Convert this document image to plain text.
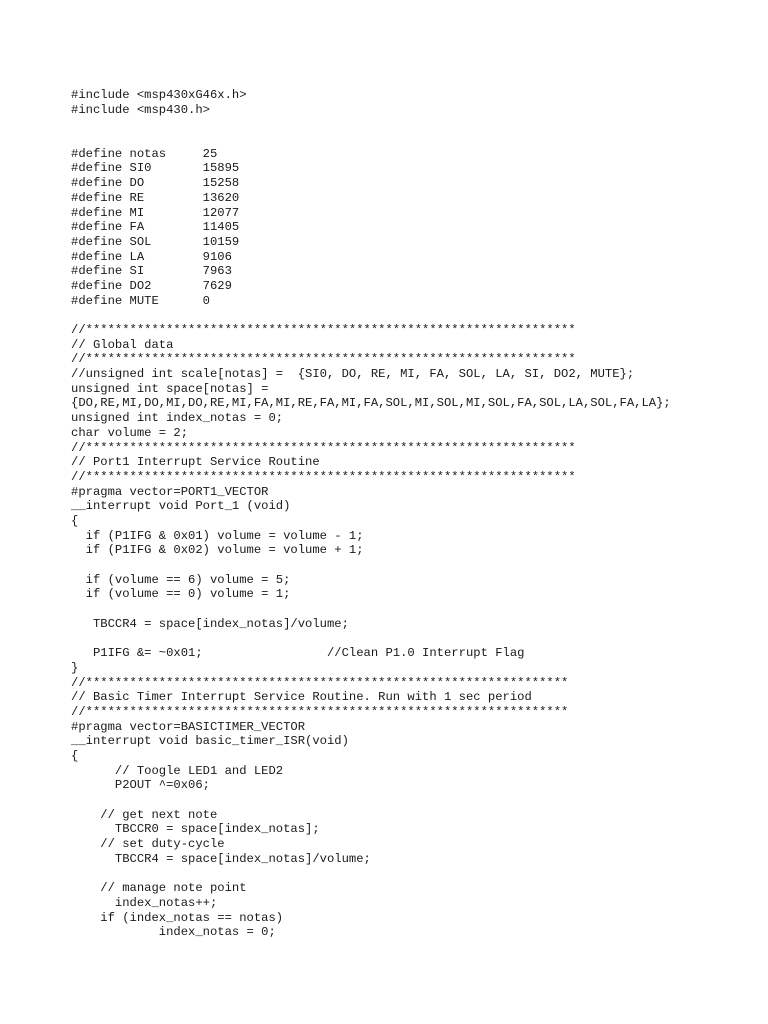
#include <msp430xG46x.h>
#include <msp430.h>
#define notas     25
#define SI0       15895
#define DO        15258
#define RE        13620
#define MI        12077
#define FA        11405
#define SOL       10159
#define LA        9106
#define SI        7963
#define DO2       7629
#define MUTE      0
//*******************************************************************
// Global data
//*******************************************************************
//unsigned int scale[notas] =  {SI0, DO, RE, MI, FA, SOL, LA, SI, DO2, MUTE};
unsigned int space[notas] =
{DO,RE,MI,DO,MI,DO,RE,MI,FA,MI,RE,FA,MI,FA,SOL,MI,SOL,MI,SOL,FA,SOL,LA,SOL,FA,LA};
unsigned int index_notas = 0;
char volume = 2;
//*******************************************************************
// Port1 Interrupt Service Routine
//*******************************************************************
#pragma vector=PORT1_VECTOR
__interrupt void Port_1 (void)
{
if (P1IFG & 0x01) volume = volume - 1;
if (P1IFG & 0x02) volume = volume + 1;
if (volume == 6) volume = 5;
if (volume == 0) volume = 1;
TBCCR4 = space[index_notas]/volume;
P1IFG &= ~0x01;                 //Clean P1.0 Interrupt Flag
}
//******************************************************************
// Basic Timer Interrupt Service Routine. Run with 1 sec period
//******************************************************************
#pragma vector=BASICTIMER_VECTOR
__interrupt void basic_timer_ISR(void)
{
// Toogle LED1 and LED2
P2OUT ^=0x06;
// get next note
TBCCR0 = space[index_notas];
// set duty-cycle
TBCCR4 = space[index_notas]/volume;
// manage note point
index_notas++;
if (index_notas == notas)
index_notas = 0;
